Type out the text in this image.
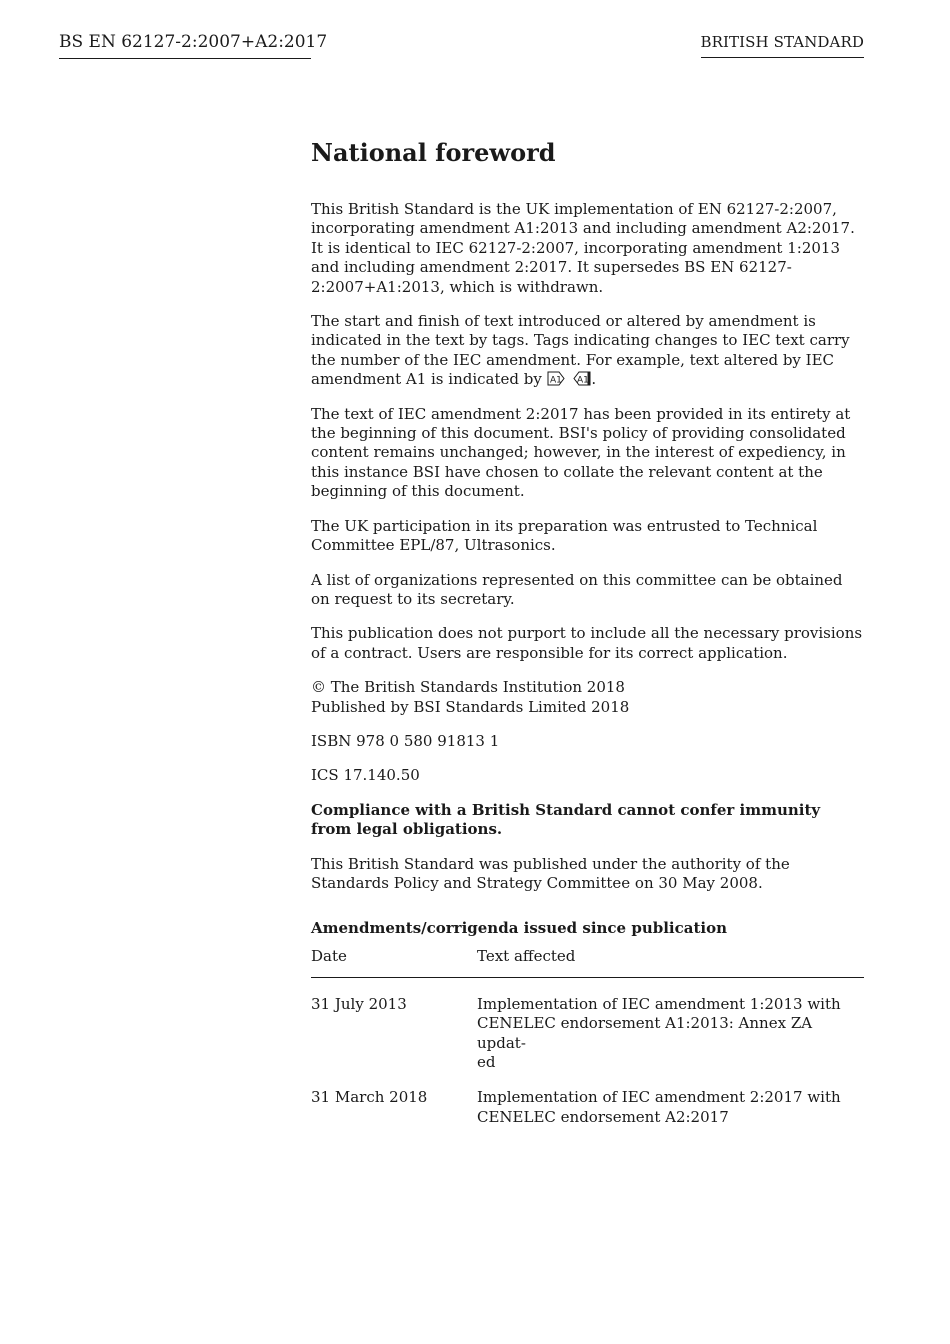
BS EN 62127-2:2007+A2:2017	BRITISH STANDARD
National foreword

This British Standard is the UK implementation of EN 62127-2:2007, incorporating amendment A1:2013 and including amendment A2:2017. It is identical to IEC 62127-2:2007, incorporating amendment 1:2013 and including amendment 2:2017. It supersedes BS EN 62127-2:2007+A1:2013, which is withdrawn.

The start and finish of text introduced or altered by amendment is indicated in the text by tags. Tags indicating changes to IEC text carry the number of the IEC amendment. For example, text altered by IEC amendment A1 is indicated by A1
A1 .

The text of IEC amendment 2:2017 has been provided in its entirety at the beginning of this document. BSI's policy of providing consolidated content remains unchanged; however, in the interest of expediency, in this instance BSI have chosen to collate the relevant content at the beginning of this document.

The UK participation in its preparation was entrusted to Technical Committee EPL/87, Ultrasonics.

A list of organizations represented on this committee can be obtained on request to its secretary.

This publication does not purport to include all the necessary provisions of a contract. Users are responsible for its correct application.

© The British Standards Institution 2018
Published by BSI Standards Limited 2018

ISBN 978 0 580 91813 1

ICS 17.140.50

Compliance with a British Standard cannot confer immunity from legal obligations.

This British Standard was published under the authority of the Standards Policy and Strategy Committee on 30 May 2008.

Amendments/corrigenda issued since publication
Date	Text affected
31 July 2013	Implementation of IEC amendment 1:2013 with
CENELEC endorsement A1:2013: Annex ZA updat-
ed
31 March 2018	Implementation of IEC amendment 2:2017 with
CENELEC endorsement A2:2017
